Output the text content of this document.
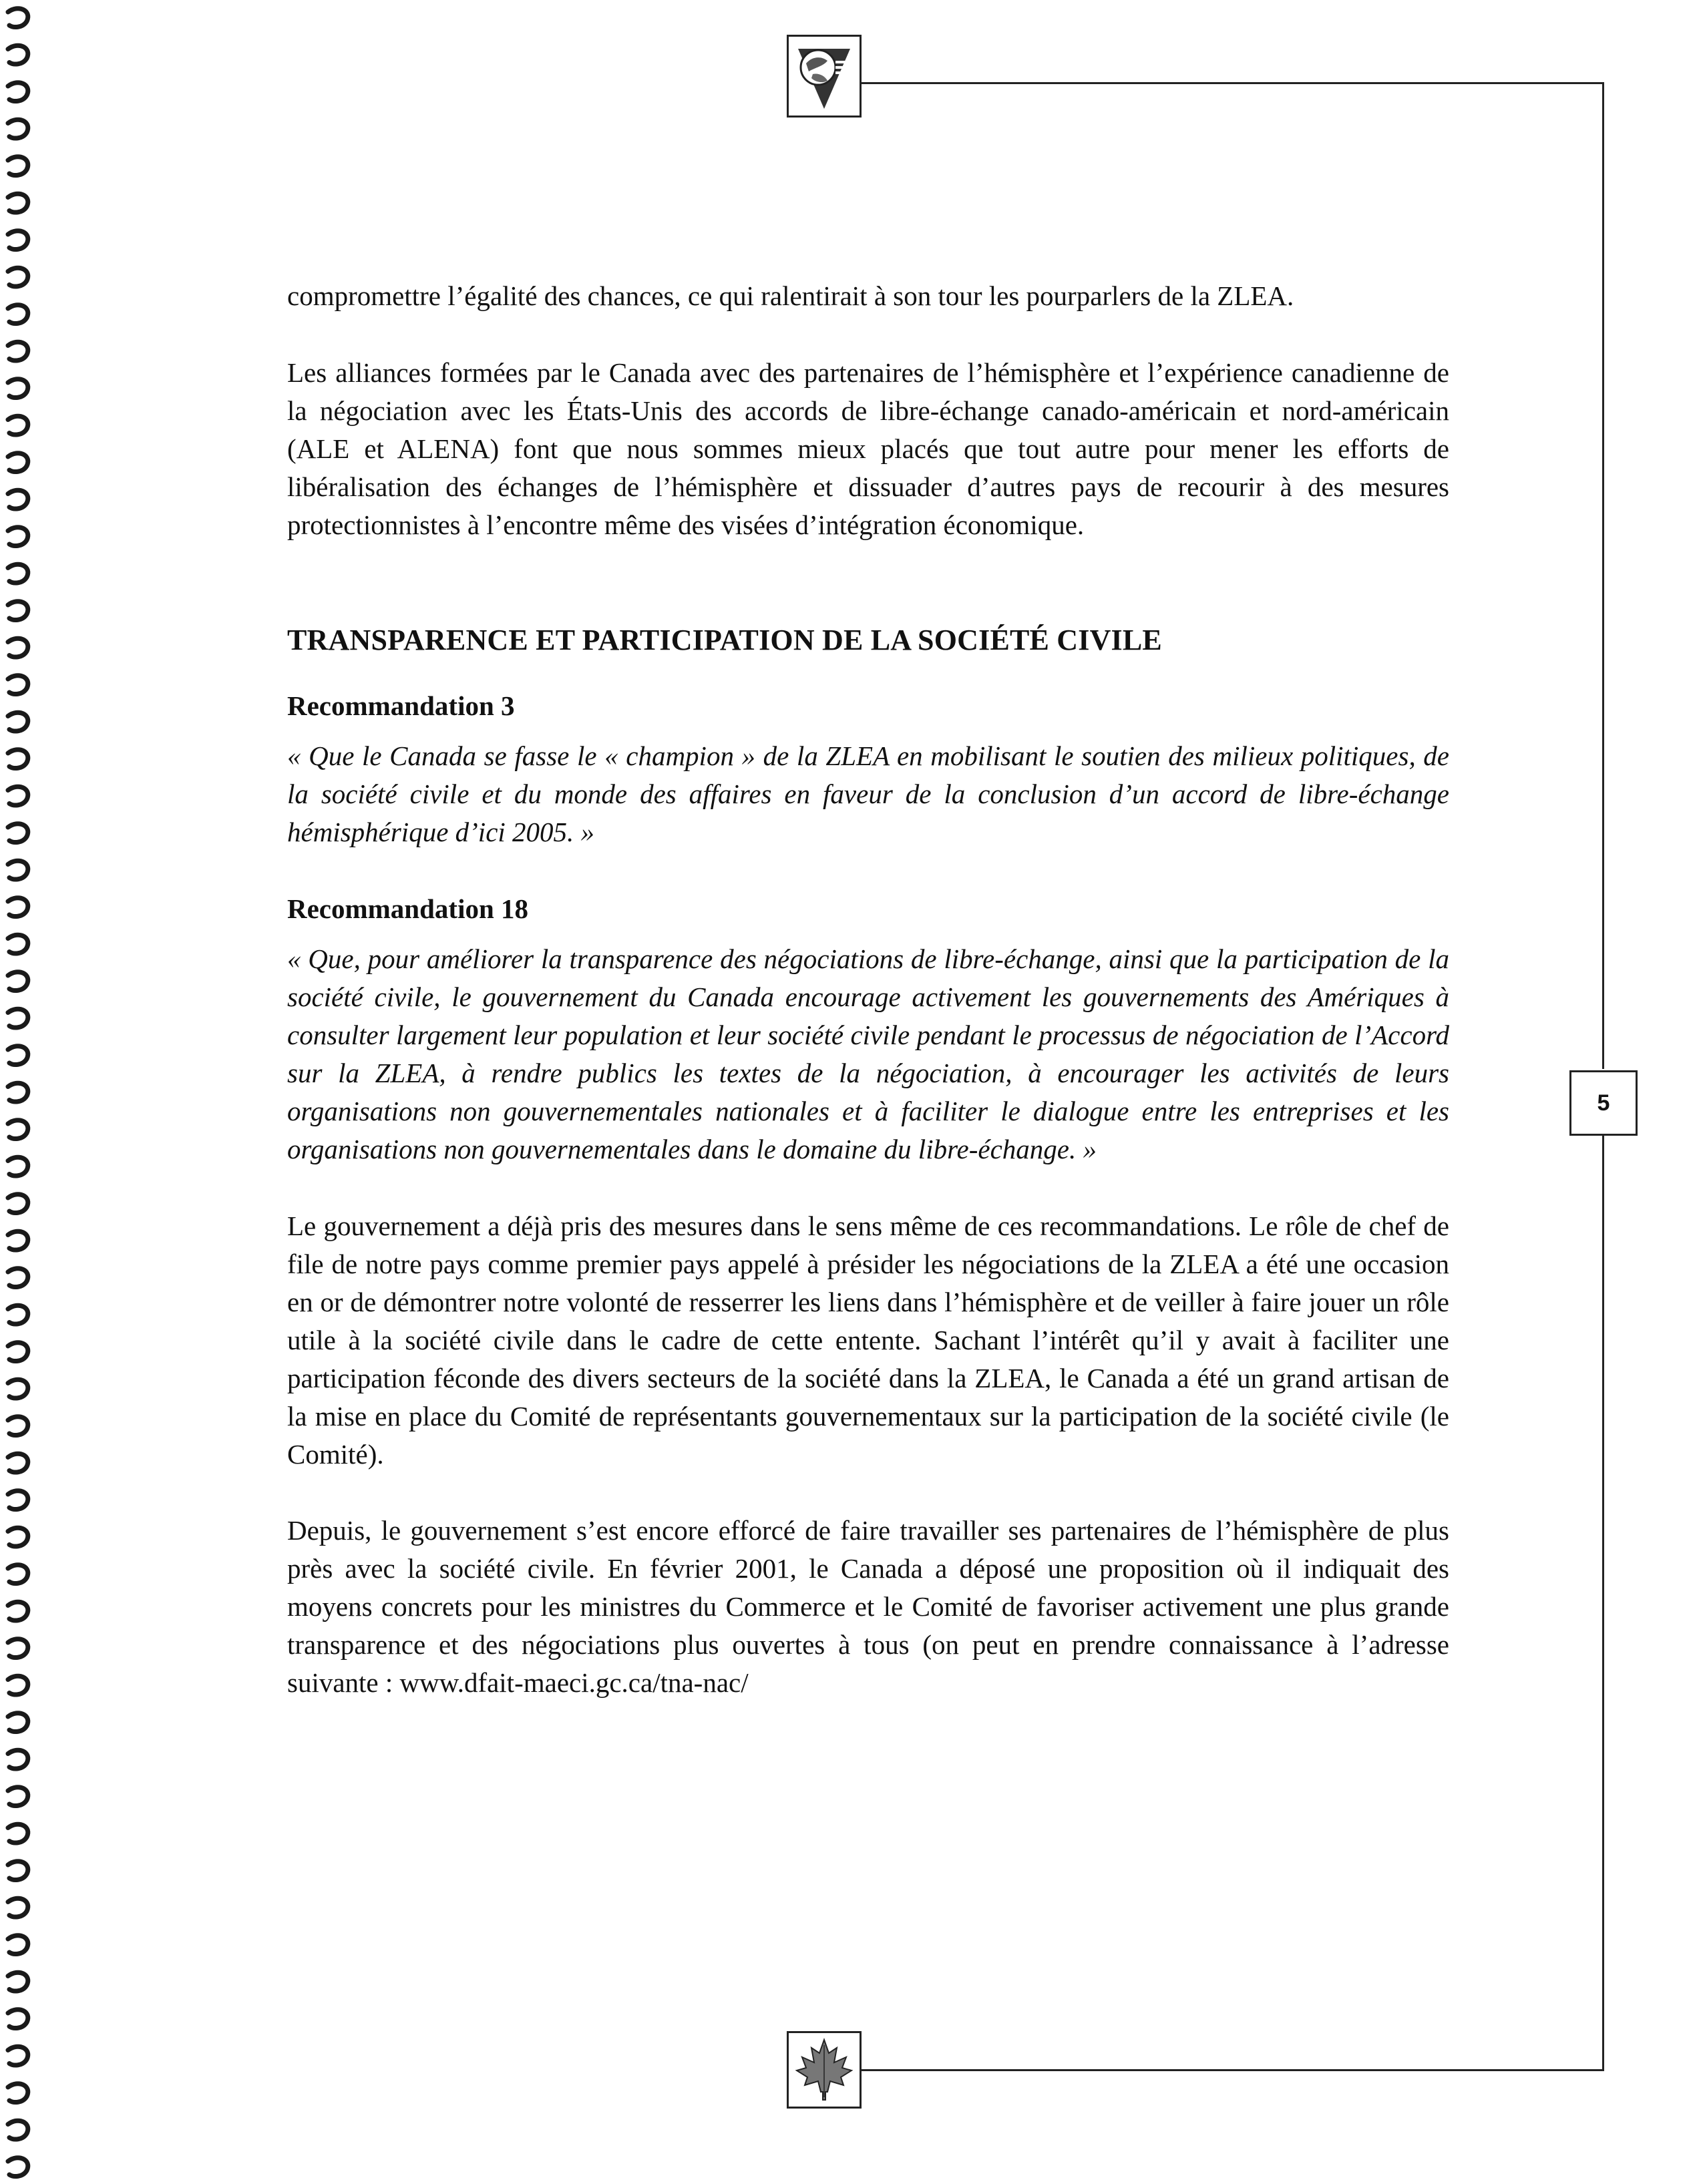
5

compromettre l’égalité des chances, ce qui ralentirait à son tour les pourparlers de la ZLEA.

Les alliances formées par le Canada avec des partenaires de l’hémisphère et l’expérience canadienne de la négociation avec les États-Unis des accords de libre-échange canado-américain et nord-américain (ALE et ALENA) font que nous sommes mieux placés que tout autre pour mener les efforts de libéralisation des échanges de l’hémisphère et dissuader d’autres pays de recourir à des mesures protectionnistes à l’encontre même des visées d’intégration économique.

TRANSPARENCE ET PARTICIPATION DE LA SOCIÉTÉ CIVILE
Recommandation 3

« Que le Canada se fasse le « champion » de la ZLEA en mobilisant le soutien des milieux politiques, de la société civile et du monde des affaires en faveur de la conclusion d’un accord de libre-échange hémisphérique d’ici 2005. »

Recommandation 18

« Que, pour améliorer la transparence des négociations de libre-échange, ainsi que la participation de la société civile, le gouvernement du Canada encourage activement les gouvernements des Amériques à consulter largement leur population et leur société civile pendant le processus de négociation de l’Accord sur la ZLEA, à rendre publics les textes de la négociation, à encourager les activités de leurs organisations non gouvernementales nationales et à faciliter le dialogue entre les entreprises et les organisations non gouvernementales dans le domaine du libre-échange. »

Le gouvernement a déjà pris des mesures dans le sens même de ces recommandations. Le rôle de chef de file de notre pays comme premier pays appelé à présider les négociations de la ZLEA a été une occasion en or de démontrer notre volonté de resserrer les liens dans l’hémisphère et de veiller à faire jouer un rôle utile à la société civile dans le cadre de cette entente. Sachant l’intérêt qu’il y avait à faciliter une participation féconde des divers secteurs de la société dans la ZLEA, le Canada a été un grand artisan de la mise en place du Comité de représentants gouvernementaux sur la participation de la société civile (le Comité).

Depuis, le gouvernement s’est encore efforcé de faire travailler ses partenaires de l’hémisphère de plus près avec la société civile. En février 2001, le Canada a déposé une proposition où il indiquait des moyens concrets pour les ministres du Commerce et le Comité de favoriser activement une plus grande transparence et des négociations plus ouvertes à tous (on peut en prendre connaissance à l’adresse suivante : www.dfait-maeci.gc.ca/tna-nac/
